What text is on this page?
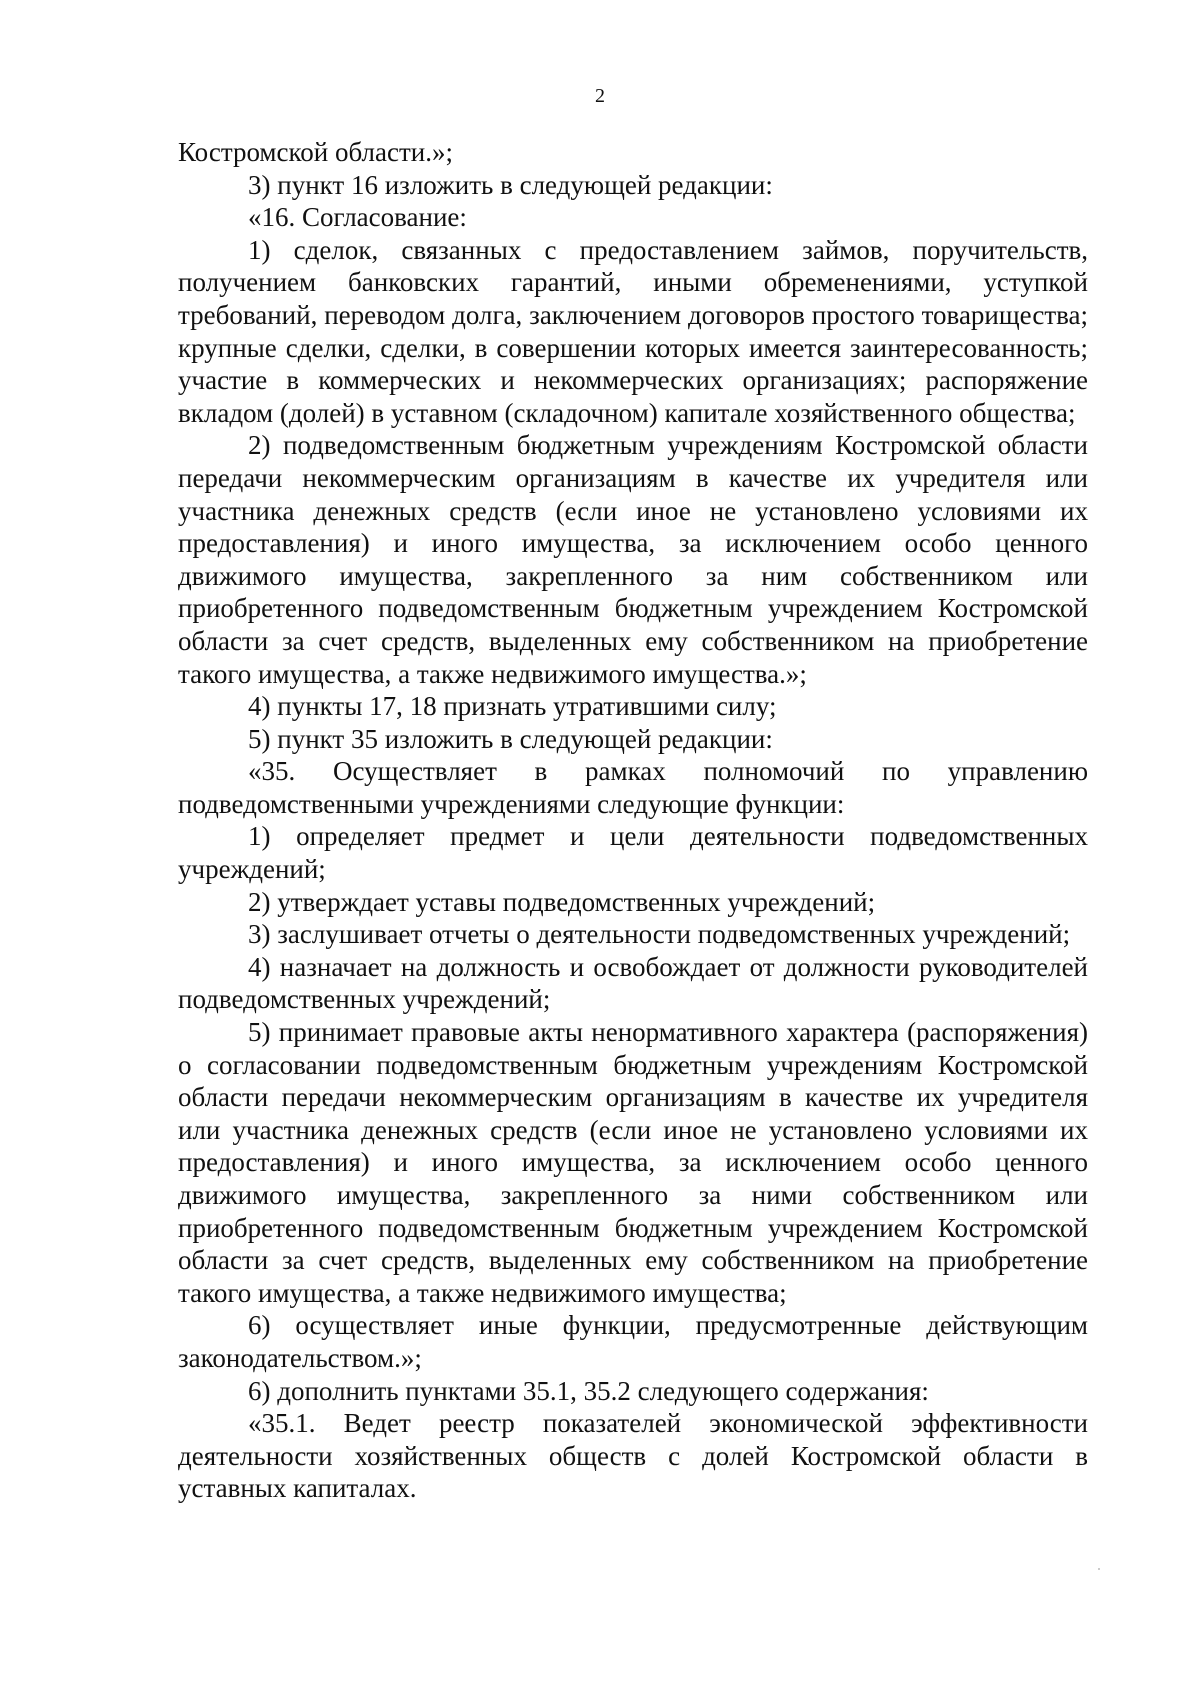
2

Костромской области.»;

3) пункт 16 изложить в следующей редакции:

«16. Согласование:

1) сделок, связанных с предоставлением займов, поручительств, получением банковских гарантий, иными обременениями, уступкой требований, переводом долга, заключением договоров простого товарищества; крупные сделки, сделки, в совершении которых имеется заинтересованность; участие в коммерческих и некоммерческих организациях; распоряжение вкладом (долей) в уставном (складочном) капитале хозяйственного общества;

2) подведомственным бюджетным учреждениям Костромской области передачи некоммерческим организациям в качестве их учредителя или участника денежных средств (если иное не установлено условиями их предоставления) и иного имущества, за исключением особо ценного движимого имущества, закрепленного за ним собственником или приобретенного подведомственным бюджетным учреждением Костромской области за счет средств, выделенных ему собственником на приобретение такого имущества, а также недвижимого имущества.»;

4) пункты 17, 18 признать утратившими силу;

5) пункт 35 изложить в следующей редакции:

«35. Осуществляет в рамках полномочий по управлению подведомственными учреждениями следующие функции:

1) определяет предмет и цели деятельности подведомственных учреждений;

2) утверждает уставы подведомственных учреждений;

3) заслушивает отчеты о деятельности подведомственных учреждений;

4) назначает на должность и освобождает от должности руководителей подведомственных учреждений;

5) принимает правовые акты ненормативного характера (распоряжения) о согласовании подведомственным бюджетным учреждениям Костромской области передачи некоммерческим организациям в качестве их учредителя или участника денежных средств (если иное не установлено условиями их предоставления) и иного имущества, за исключением особо ценного движимого имущества, закрепленного за ними собственником или приобретенного подведомственным бюджетным учреждением Костромской области за счет средств, выделенных ему собственником на приобретение такого имущества, а также недвижимого имущества;

6) осуществляет иные функции, предусмотренные действующим законодательством.»;

6) дополнить пунктами 35.1, 35.2 следующего содержания:

«35.1. Ведет реестр показателей экономической эффективности деятельности хозяйственных обществ с долей Костромской области в уставных капиталах.
